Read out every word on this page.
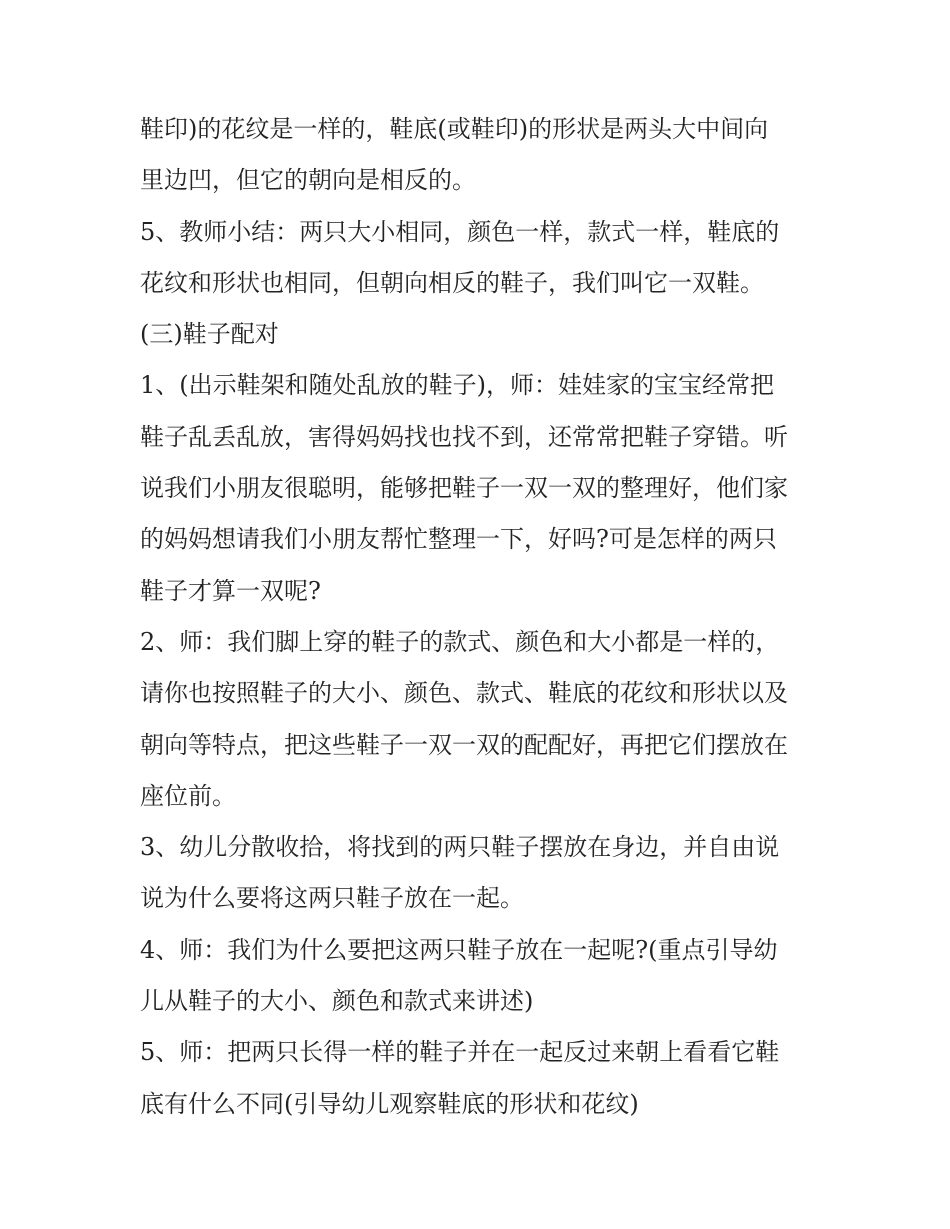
鞋印)的花纹是一样的，鞋底(或鞋印)的形状是两头大中间向
里边凹，但它的朝向是相反的。
5、教师小结：两只大小相同，颜色一样，款式一样，鞋底的
花纹和形状也相同，但朝向相反的鞋子，我们叫它一双鞋。
(三)鞋子配对
1、(出示鞋架和随处乱放的鞋子)，师：娃娃家的宝宝经常把
鞋子乱丢乱放，害得妈妈找也找不到，还常常把鞋子穿错。听
说我们小朋友很聪明，能够把鞋子一双一双的整理好，他们家
的妈妈想请我们小朋友帮忙整理一下，好吗?可是怎样的两只
鞋子才算一双呢?
2、师：我们脚上穿的鞋子的款式、颜色和大小都是一样的，
请你也按照鞋子的大小、颜色、款式、鞋底的花纹和形状以及
朝向等特点，把这些鞋子一双一双的配配好，再把它们摆放在
座位前。
3、幼儿分散收拾，将找到的两只鞋子摆放在身边，并自由说
说为什么要将这两只鞋子放在一起。
4、师：我们为什么要把这两只鞋子放在一起呢?(重点引导幼
儿从鞋子的大小、颜色和款式来讲述)
5、师：把两只长得一样的鞋子并在一起反过来朝上看看它鞋
底有什么不同(引导幼儿观察鞋底的形状和花纹)
